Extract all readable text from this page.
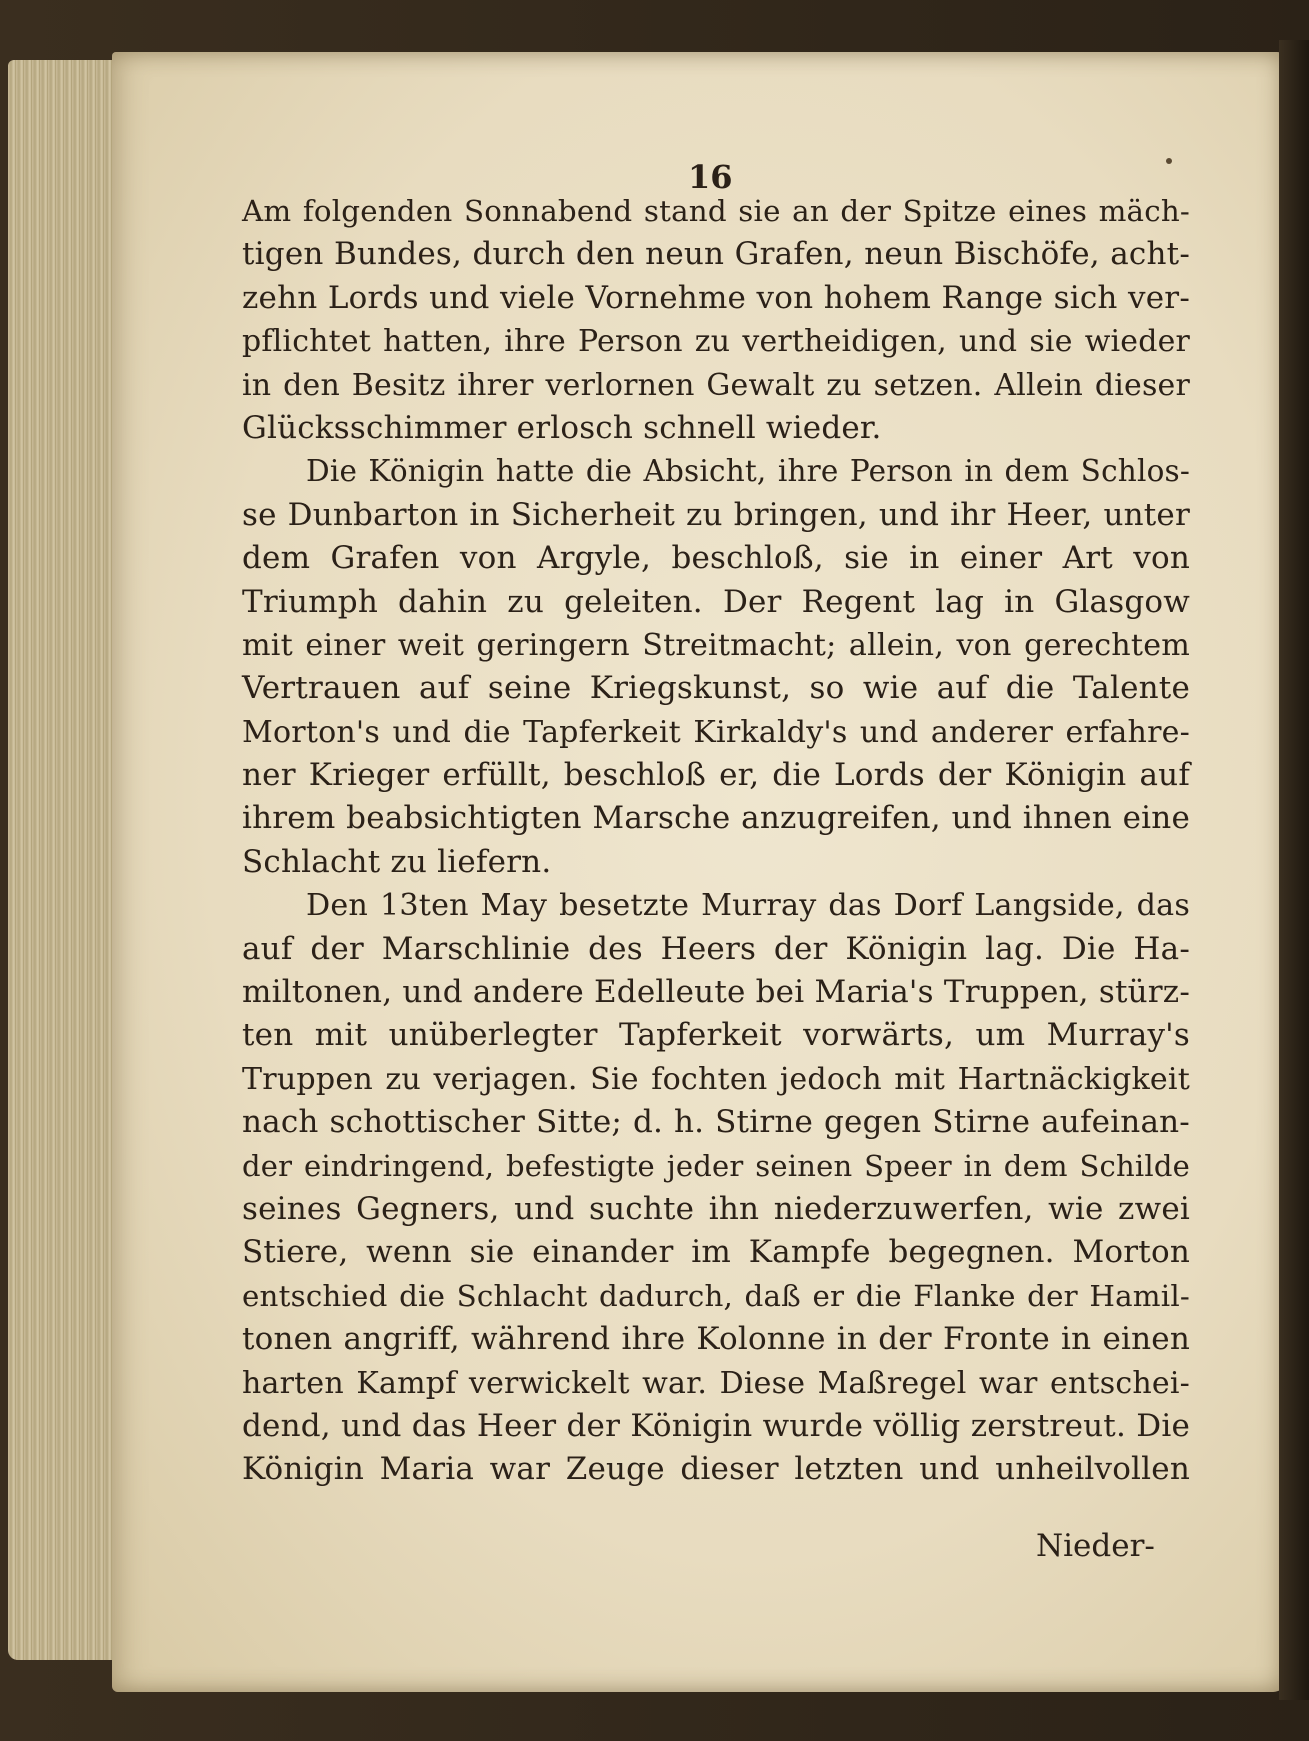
16
Am folgenden Sonnabend stand sie an der Spitze eines mäch-
tigen Bundes, durch den neun Grafen, neun Bischöfe, acht-
zehn Lords und viele Vornehme von hohem Range sich ver-
pflichtet hatten, ihre Person zu vertheidigen, und sie wieder
in den Besitz ihrer verlornen Gewalt zu setzen. Allein dieser
Glücksschimmer erlosch schnell wieder.
Die Königin hatte die Absicht, ihre Person in dem Schlos-
se Dunbarton in Sicherheit zu bringen, und ihr Heer, unter
dem Grafen von Argyle, beschloß, sie in einer Art von
Triumph dahin zu geleiten. Der Regent lag in Glasgow
mit einer weit geringern Streitmacht; allein, von gerechtem
Vertrauen auf seine Kriegskunst, so wie auf die Talente
Morton's und die Tapferkeit Kirkaldy's und anderer erfahre-
ner Krieger erfüllt, beschloß er, die Lords der Königin auf
ihrem beabsichtigten Marsche anzugreifen, und ihnen eine
Schlacht zu liefern.
Den 13ten May besetzte Murray das Dorf Langside, das
auf der Marschlinie des Heers der Königin lag. Die Ha-
miltonen, und andere Edelleute bei Maria's Truppen, stürz-
ten mit unüberlegter Tapferkeit vorwärts, um Murray's
Truppen zu verjagen. Sie fochten jedoch mit Hartnäckigkeit
nach schottischer Sitte; d. h. Stirne gegen Stirne aufeinan-
der eindringend, befestigte jeder seinen Speer in dem Schilde
seines Gegners, und suchte ihn niederzuwerfen, wie zwei
Stiere, wenn sie einander im Kampfe begegnen. Morton
entschied die Schlacht dadurch, daß er die Flanke der Hamil-
tonen angriff, während ihre Kolonne in der Fronte in einen
harten Kampf verwickelt war. Diese Maßregel war entschei-
dend, und das Heer der Königin wurde völlig zerstreut. Die
Königin Maria war Zeuge dieser letzten und unheilvollen
Nieder-
